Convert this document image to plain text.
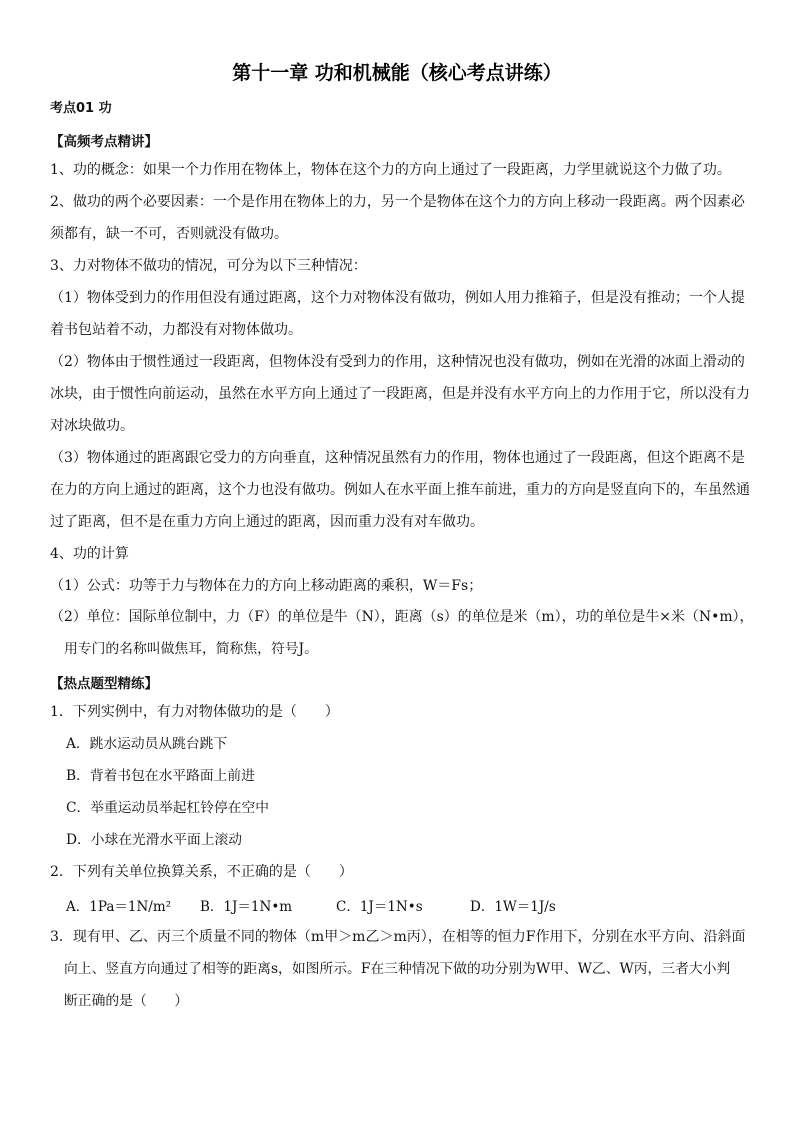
第十一章 功和机械能（核心考点讲练）
考点01 功
【高频考点精讲】
1、功的概念：如果一个力作用在物体上，物体在这个力的方向上通过了一段距离，力学里就说这个力做了功。
2、做功的两个必要因素：一个是作用在物体上的力，另一个是物体在这个力的方向上移动一段距离。两个因素必
须都有，缺一不可，否则就没有做功。
3、力对物体不做功的情况，可分为以下三种情况：
（1）物体受到力的作用但没有通过距离，这个力对物体没有做功，例如人用力推箱子，但是没有推动；一个人提
着书包站着不动，力都没有对物体做功。
（2）物体由于惯性通过一段距离，但物体没有受到力的作用，这种情况也没有做功，例如在光滑的冰面上滑动的
冰块，由于惯性向前运动，虽然在水平方向上通过了一段距离，但是并没有水平方向上的力作用于它，所以没有力
对冰块做功。
（3）物体通过的距离跟它受力的方向垂直，这种情况虽然有力的作用，物体也通过了一段距离，但这个距离不是
在力的方向上通过的距离，这个力也没有做功。例如人在水平面上推车前进，重力的方向是竖直向下的，车虽然通
过了距离，但不是在重力方向上通过的距离，因而重力没有对车做功。
4、功的计算
（1）公式：功等于力与物体在力的方向上移动距离的乘积，W＝Fs；
（2）单位：国际单位制中，力（F）的单位是牛（N），距离（s）的单位是米（m），功的单位是牛×米（N•m），
用专门的名称叫做焦耳，简称焦，符号J。
【热点题型精练】
1．下列实例中，有力对物体做功的是（　　）
A．跳水运动员从跳台跳下
B．背着书包在水平路面上前进
C．举重运动员举起杠铃停在空中
D．小球在光滑水平面上滚动
2．下列有关单位换算关系，不正确的是（　　）
A．1Pa＝1N/m² B．1J＝1N•m	C．1J＝1N•s	D．1W＝1J/s
3．现有甲、乙、丙三个质量不同的物体（m甲＞m乙＞m丙），在相等的恒力F作用下，分别在水平方向、沿斜面
向上、竖直方向通过了相等的距离s，如图所示。F在三种情况下做的功分别为W甲、W乙、W丙，三者大小判
断正确的是（　　）
